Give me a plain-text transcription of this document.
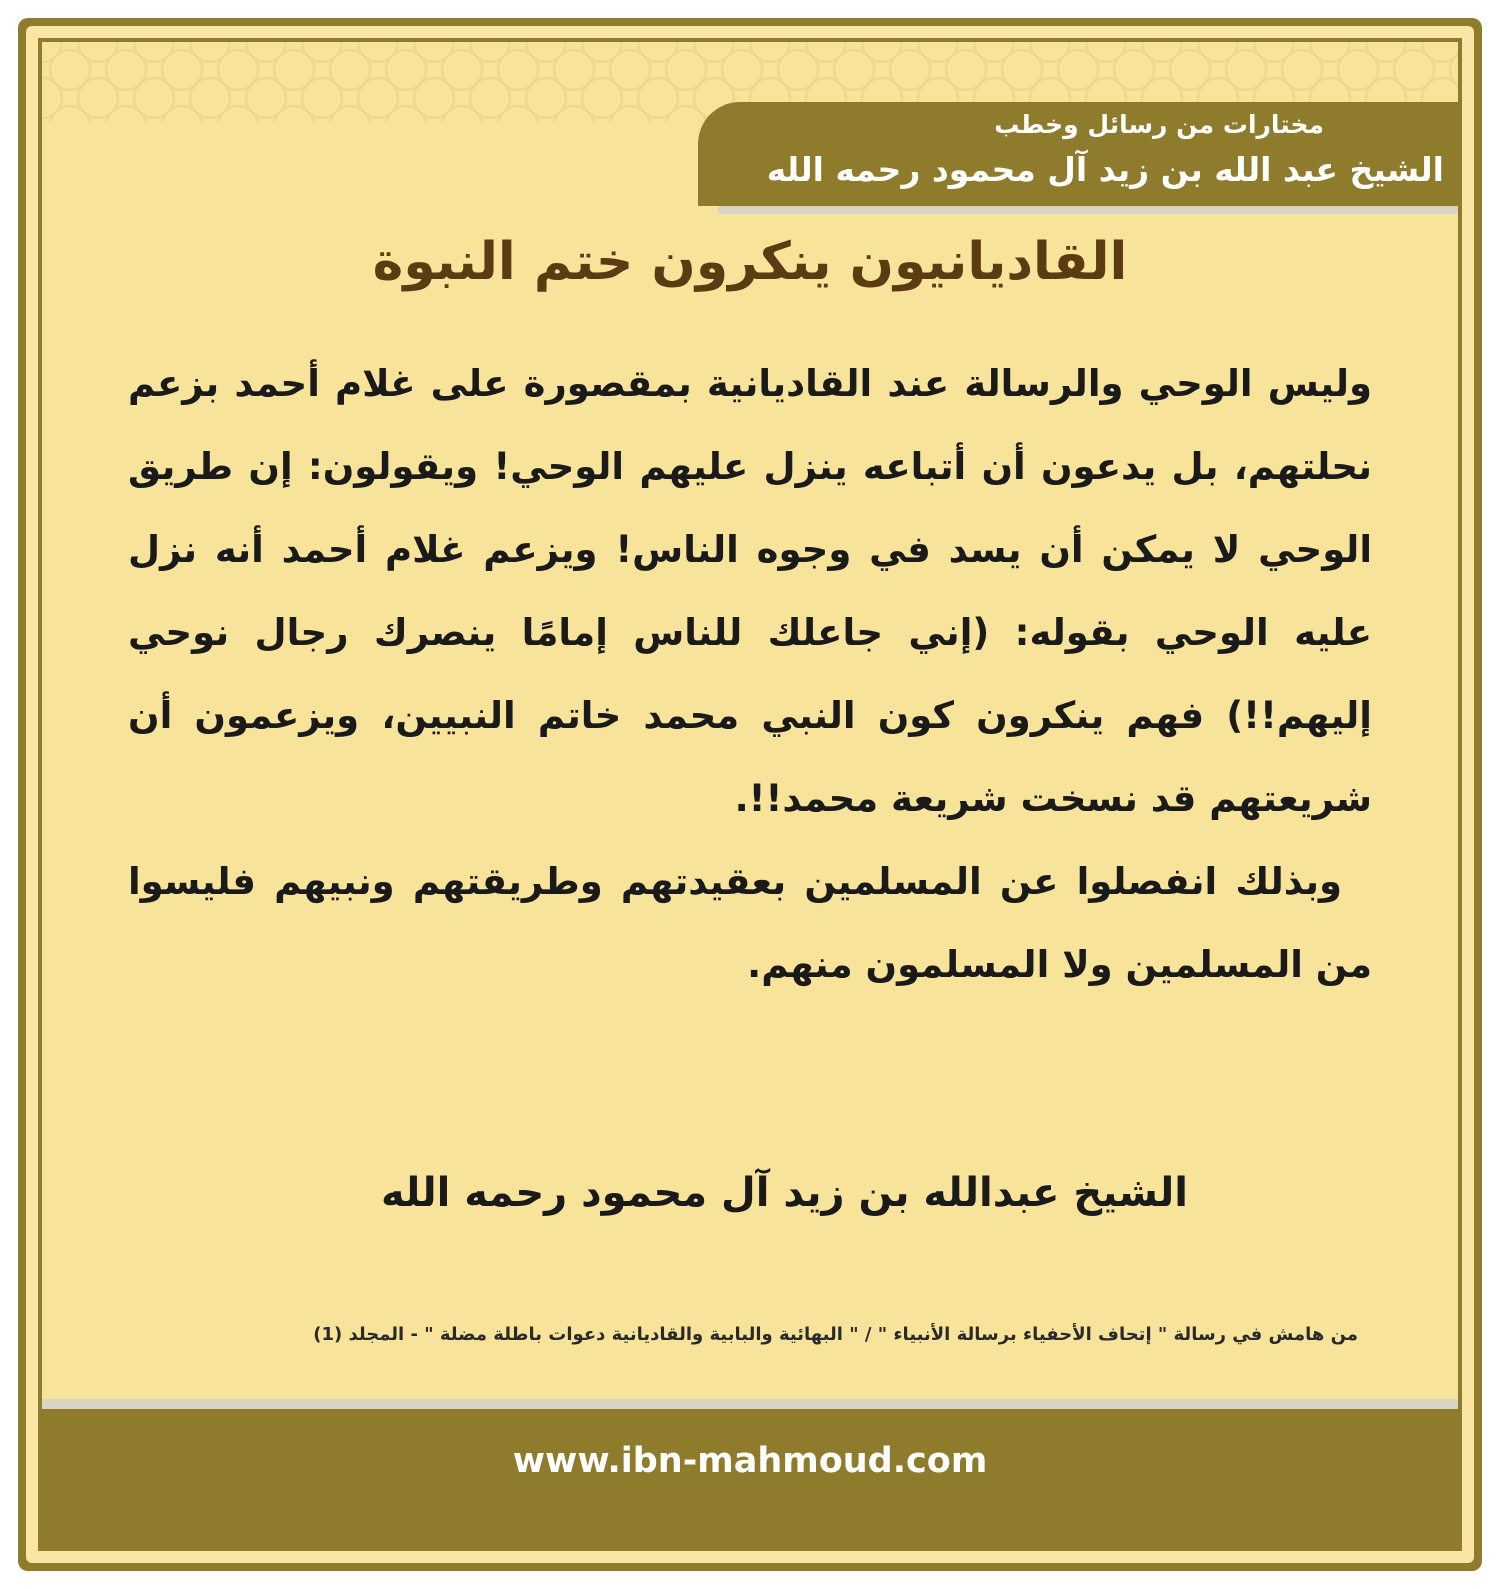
مختارات من رسائل وخطب
الشيخ عبد الله بن زيد آل محمود رحمه الله
القاديانيون ينكرون ختم النبوة

وليس الوحي والرسالة عند القاديانية بمقصورة على غلام أحمد بزعم نحلتهم، بل يدعون أن أتباعه ينزل عليهم الوحي! ويقولون: إن طريق الوحي لا يمكن أن يسد في وجوه الناس! ويزعم غلام أحمد أنه نزل عليه الوحي بقوله: (إني جاعلك للناس إمامًا ينصرك رجال نوحي إليهم!!) فهم ينكرون كون النبي محمد خاتم النبيين، ويزعمون أن شريعتهم قد نسخت شريعة محمد!!.

وبذلك انفصلوا عن المسلمين بعقيدتهم وطريقتهم ونبيهم فليسوا من المسلمين ولا المسلمون منهم.

الشيخ عبدالله بن زيد آل محمود رحمه الله
من هامش في رسالة " إتحاف الأحفياء برسالة الأنبياء " / " البهائية والبابية والقاديانية دعوات باطلة مضلة " - المجلد (1)
www.ibn-mahmoud.com
